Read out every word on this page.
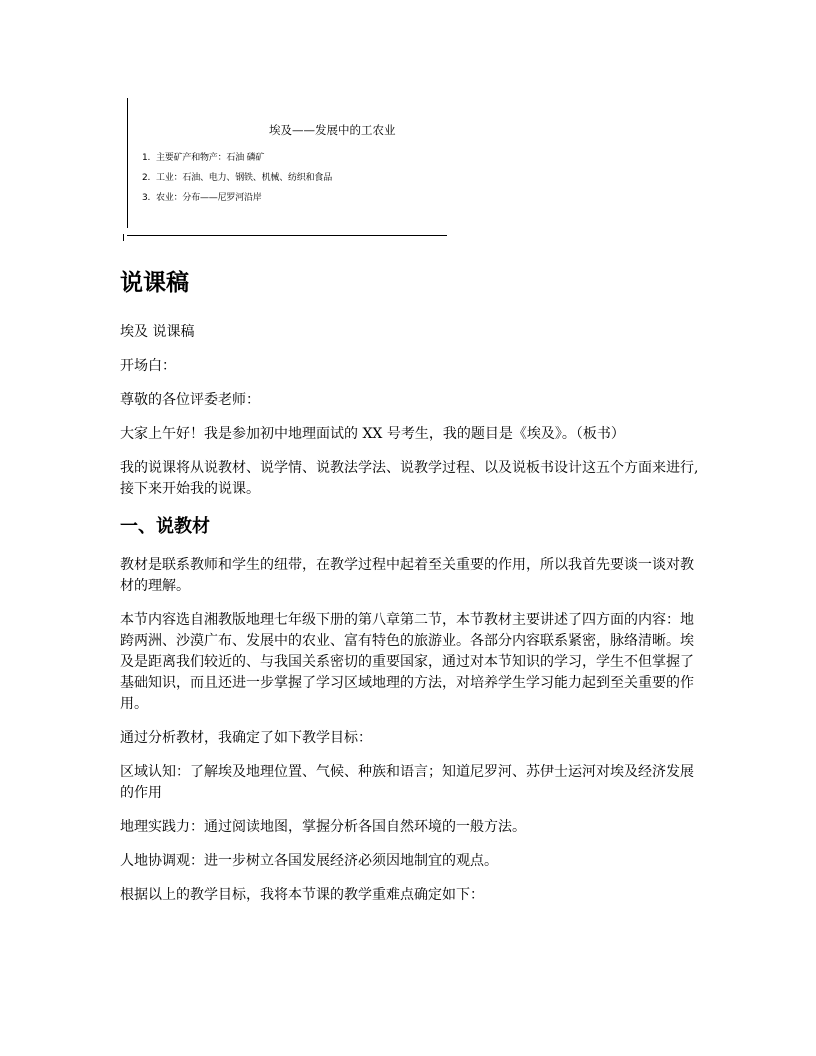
埃及——发展中的工农业
1. 主要矿产和物产：石油 磷矿
2. 工业：石油、电力、钢铁、机械、纺织和食品
3. 农业：分布——尼罗河沿岸
说课稿

埃及 说课稿

开场白：

尊敬的各位评委老师：

大家上午好！我是参加初中地理面试的 XX 号考生，我的题目是《埃及》。（板书）

我的说课将从说教材、说学情、说教法学法、说教学过程、以及说板书设计这五个方面来进行,接下来开始我的说课。

一、说教材

教材是联系教师和学生的纽带，在教学过程中起着至关重要的作用，所以我首先要谈一谈对教材的理解。

本节内容选自湘教版地理七年级下册的第八章第二节，本节教材主要讲述了四方面的内容：地跨两洲、沙漠广布、发展中的农业、富有特色的旅游业。各部分内容联系紧密，脉络清晰。埃及是距离我们较近的、与我国关系密切的重要国家，通过对本节知识的学习，学生不但掌握了基础知识，而且还进一步掌握了学习区域地理的方法，对培养学生学习能力起到至关重要的作用。

通过分析教材，我确定了如下教学目标：

区域认知：了解埃及地理位置、气候、种族和语言；知道尼罗河、苏伊士运河对埃及经济发展的作用

地理实践力：通过阅读地图，掌握分析各国自然环境的一般方法。

人地协调观：进一步树立各国发展经济必须因地制宜的观点。

根据以上的教学目标，我将本节课的教学重难点确定如下：
